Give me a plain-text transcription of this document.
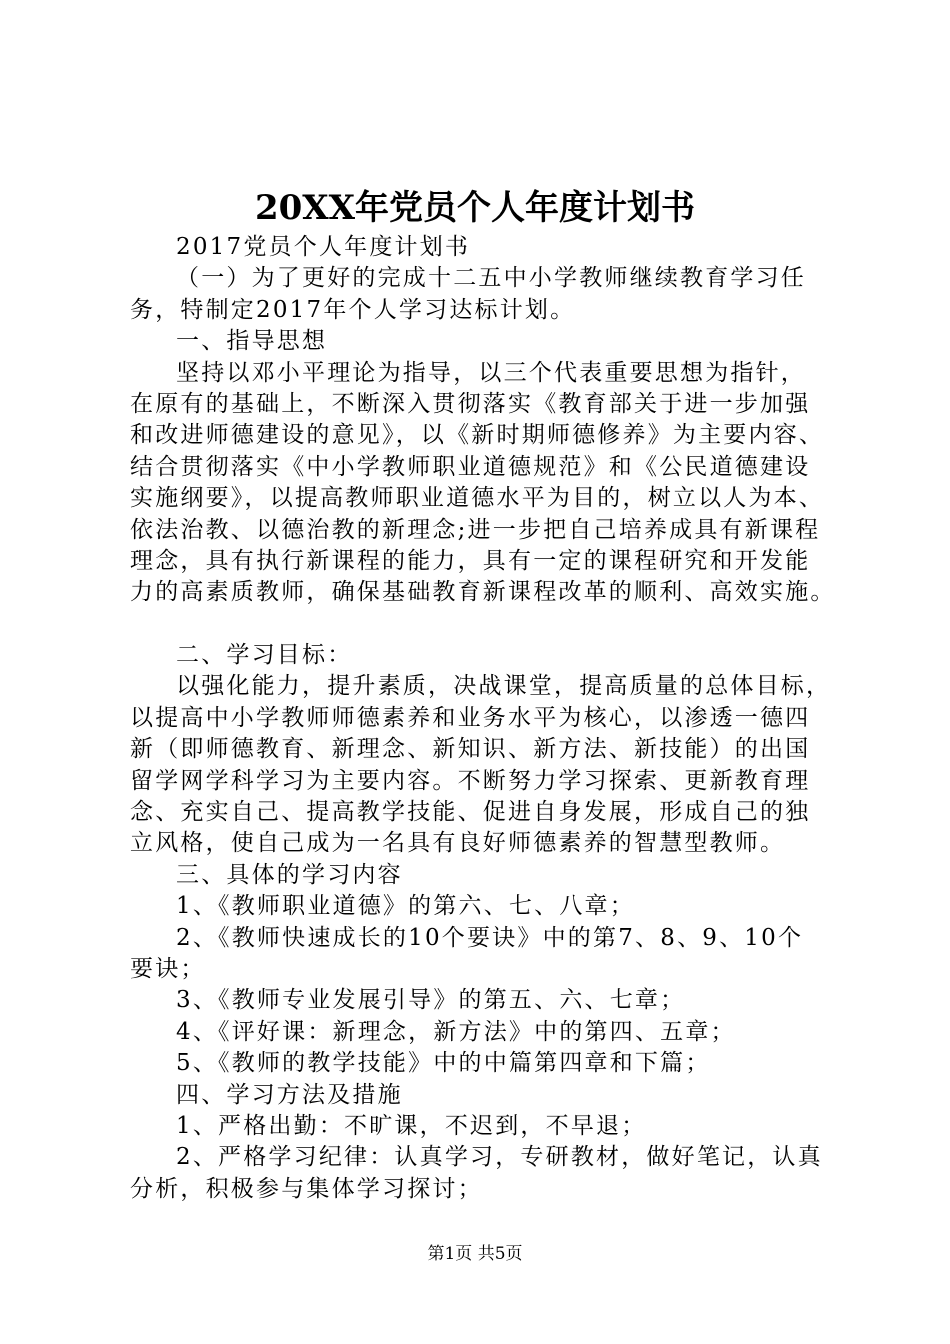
20XX年党员个人年度计划书
2017党员个人年度计划书
（一）为了更好的完成十二五中小学教师继续教育学习任
务，特制定2017年个人学习达标计划。
一、指导思想
坚持以邓小平理论为指导，以三个代表重要思想为指针，
在原有的基础上，不断深入贯彻落实《教育部关于进一步加强
和改进师德建设的意见》，以《新时期师德修养》为主要内容、
结合贯彻落实《中小学教师职业道德规范》和《公民道德建设
实施纲要》，以提高教师职业道德水平为目的，树立以人为本、
依法治教、以德治教的新理念;进一步把自己培养成具有新课程
理念，具有执行新课程的能力，具有一定的课程研究和开发能
力的高素质教师，确保基础教育新课程改革的顺利、高效实施。
二、学习目标：
以强化能力，提升素质，决战课堂，提高质量的总体目标，
以提高中小学教师师德素养和业务水平为核心，以渗透一德四
新（即师德教育、新理念、新知识、新方法、新技能）的出国
留学网学科学习为主要内容。不断努力学习探索、更新教育理
念、充实自己、提高教学技能、促进自身发展，形成自己的独
立风格，使自己成为一名具有良好师德素养的智慧型教师。
三、具体的学习内容
1、《教师职业道德》的第六、七、八章；
2、《教师快速成长的10个要诀》中的第7、8、9、10个
要诀；
3、《教师专业发展引导》的第五、六、七章；
4、《评好课：新理念，新方法》中的第四、五章；
5、《教师的教学技能》中的中篇第四章和下篇；
四、学习方法及措施
1、严格出勤：不旷课，不迟到，不早退；
2、严格学习纪律：认真学习，专研教材，做好笔记，认真
分析，积极参与集体学习探讨；
第1页 共5页
